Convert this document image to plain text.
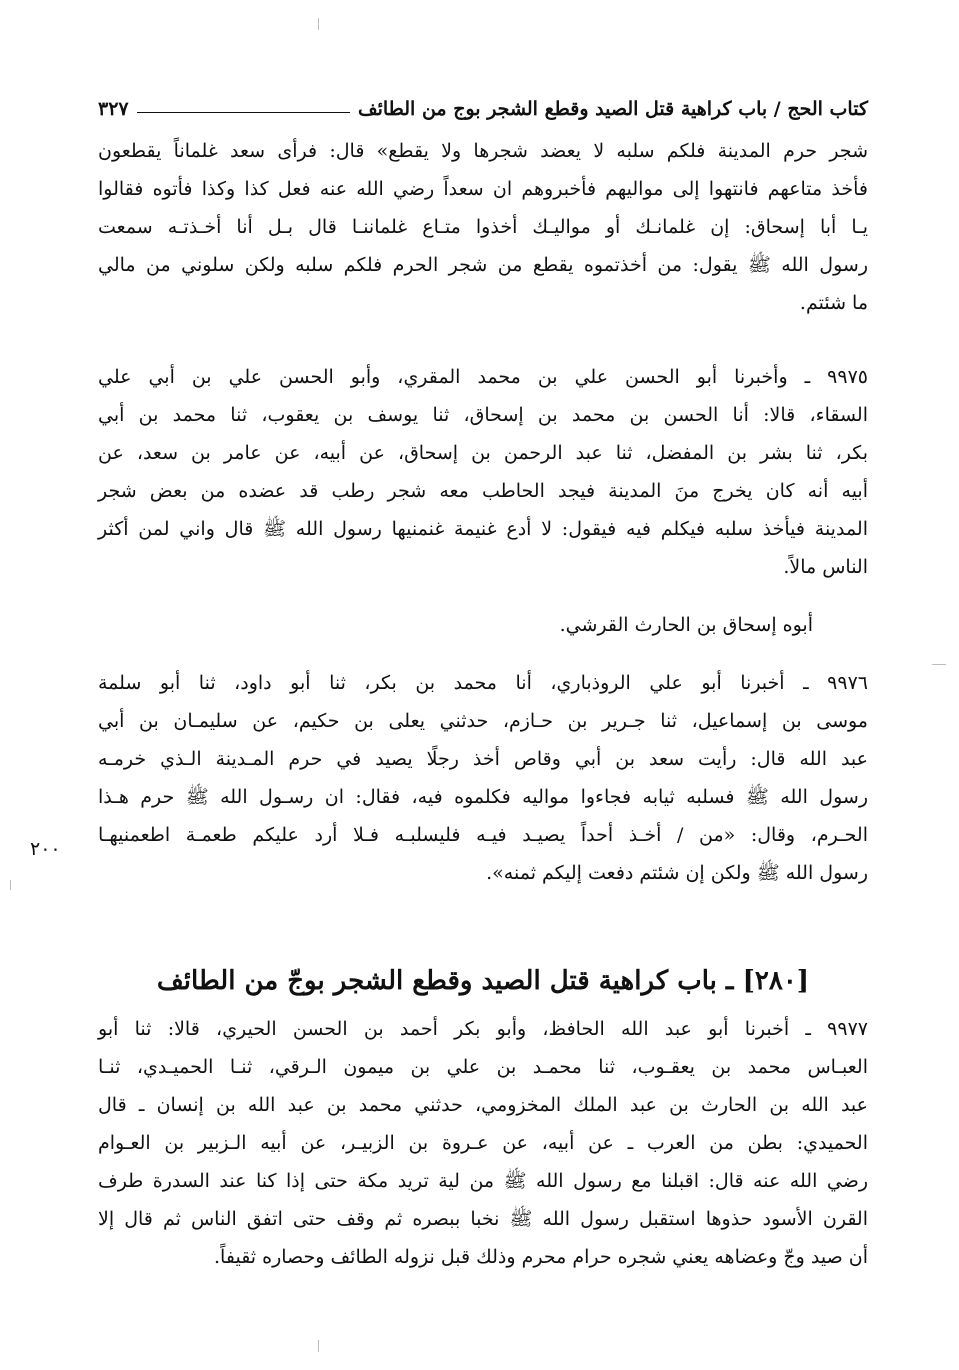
كتاب الحج / باب كراهية قتل الصيد وقطع الشجر بوج من الطائف
٣٢٧
شجر حرم المدينة فلكم سلبه لا يعضد شجرها ولا يقطع» قال: فرأى سعد غلماناً يقطعون
فأخذ متاعهم فانتهوا إلى مواليهم فأخبروهم ان سعداً رضي الله عنه فعل كذا وكذا فأتوه فقالوا
يـا أبا إسحاق: إن غلمانـك أو مواليـك أخذوا متـاع غلماننـا قال بـل أنا أخـذتـه سمعت
رسول الله ﷺ يقول: من أخذتموه يقطع من شجر الحرم فلكم سلبه ولكن سلوني من مالي
ما شئتم.
٩٩٧٥ ـ وأخبرنا أبو الحسن علي بن محمد المقري، وأبو الحسن علي بن أبي علي
السقاء، قالا: أنا الحسن بن محمد بن إسحاق، ثنا يوسف بن يعقوب، ثنا محمد بن أبي
بكر، ثنا بشر بن المفضل، ثنا عبد الرحمن بن إسحاق، عن أبيه، عن عامر بن سعد، عن
أبيه أنه كان يخرج منَ المدينة فيجد الحاطب معه شجر رطب قد عضده من بعض شجر
المدينة فيأخذ سلبه فيكلم فيه فيقول: لا أدع غنيمة غنمنيها رسول الله ﷺ قال واني لمن أكثر
الناس مالاً.
أبوه إسحاق بن الحارث القرشي.
٩٩٧٦ ـ أخبرنا أبو علي الروذباري، أنا محمد بن بكر، ثنا أبو داود، ثنا أبو سلمة
موسى بن إسماعيل، ثنا جـرير بن حـازم، حدثني يعلى بن حكيم، عن سليمـان بن أبي
عبد الله قال: رأيت سعد بن أبي وقاص أخذ رجلًا يصيد في حرم المـدينة الـذي خرمـه
رسول الله ﷺ فسلبه ثيابه فجاءوا مواليه فكلموه فيه، فقال: ان رسـول الله ﷺ حرم هـذا
الحـرم، وقال: «من / أخـذ أحداً يصيـد فيـه فليسلبـه فـلا أرد عليكم طعمـة اطعمنيهـا
رسول الله ﷺ ولكن إن شئتم دفعت إليكم ثمنه».
٢٠٠
[٢٨٠] ـ باب كراهية قتل الصيد وقطع الشجر بوجّ من الطائف
٩٩٧٧ ـ أخبرنا أبو عبد الله الحافظ، وأبو بكر أحمد بن الحسن الحيري، قالا: ثنا أبو
العبـاس محمد بن يعقـوب، ثنا محمـد بن علي بن ميمون الـرقي، ثنـا الحميـدي، ثنـا
عبد الله بن الحارث بن عبد الملك المخزومي، حدثني محمد بن عبد الله بن إنسان ـ قال
الحميدي: بطن من العرب ـ عن أبيه، عن عـروة بن الزبيـر، عن أبيه الـزبير بن العـوام
رضي الله عنه قال: اقبلنا مع رسول الله ﷺ من لية تريد مكة حتى إذا كنا عند السدرة طرف
القرن الأسود حذوها استقبل رسول الله ﷺ نخبا ببصره ثم وقف حتى اتفق الناس ثم قال إلا
أن صيد وجّ وعضاهه يعني شجره حرام محرم وذلك قبل نزوله الطائف وحصاره ثقيفاً.
